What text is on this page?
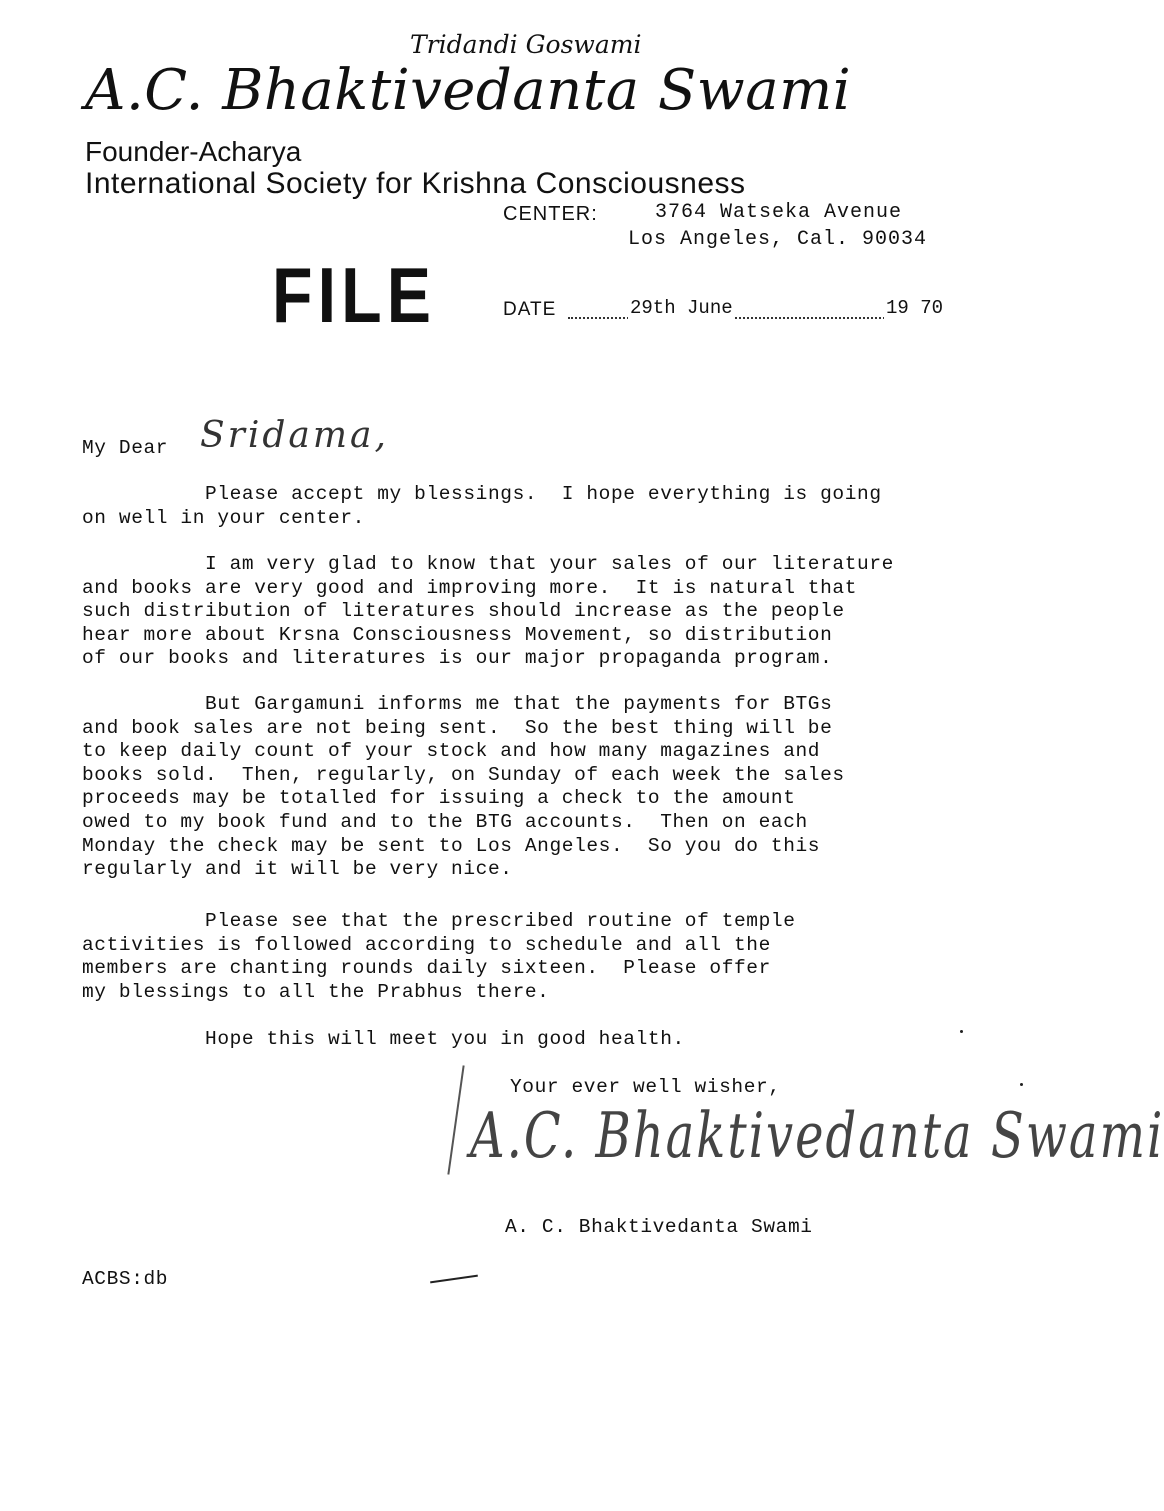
Tridandi Goswami
A.C. Bhaktivedanta Swami
Founder-Acharya
International Society for Krishna Consciousness
CENTER:	3764 Watseka Avenue
Los Angeles, Cal. 90034
FILE	DATE	29th June	19 70
My Dear Sridama,
Please accept my blessings.  I hope everything is going
on well in your center.
I am very glad to know that your sales of our literature
and books are very good and improving more.  It is natural that
such distribution of literatures should increase as the people
hear more about Krsna Consciousness Movement, so distribution
of our books and literatures is our major propaganda program.
But Gargamuni informs me that the payments for BTGs
and book sales are not being sent.  So the best thing will be
to keep daily count of your stock and how many magazines and
books sold.  Then, regularly, on Sunday of each week the sales
proceeds may be totalled for issuing a check to the amount
owed to my book fund and to the BTG accounts.  Then on each
Monday the check may be sent to Los Angeles.  So you do this
regularly and it will be very nice.
Please see that the prescribed routine of temple
activities is followed according to schedule and all the
members are chanting rounds daily sixteen.  Please offer
my blessings to all the Prabhus there.
Hope this will meet you in good health.
Your ever well wisher,
A.C. Bhaktivedanta Swami
A. C. Bhaktivedanta Swami
ACBS:db
